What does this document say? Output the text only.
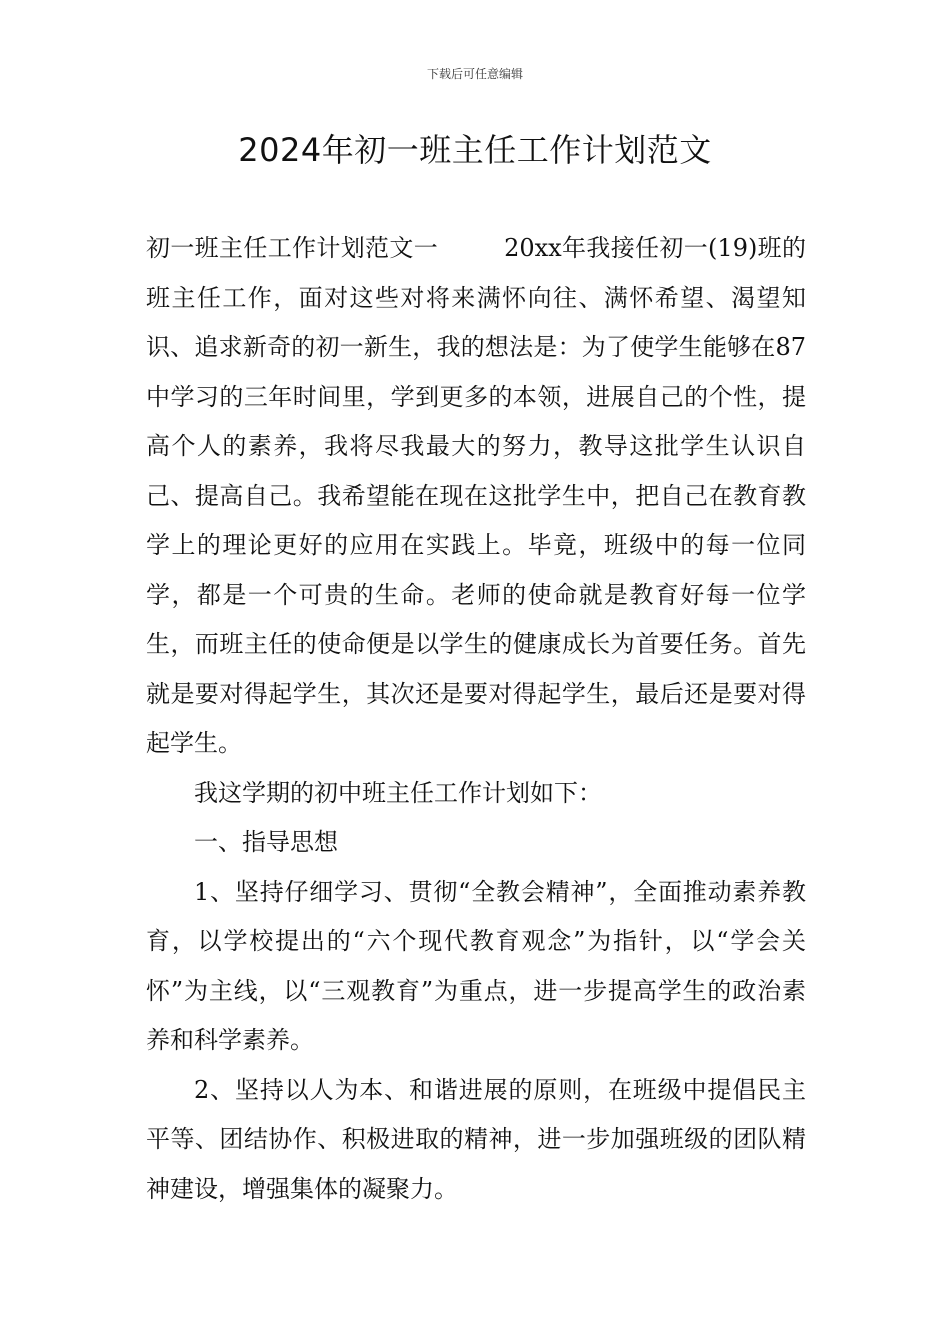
下载后可任意编辑
2024年初一班主任工作计划范文

初一班主任工作计划范文一	20xx年我接任初一(19)班的班主任工作，面对这些对将来满怀向往、满怀希望、渴望知识、追求新奇的初一新生，我的想法是：为了使学生能够在87中学习的三年时间里，学到更多的本领，进展自己的个性，提高个人的素养，我将尽我最大的努力，教导这批学生认识自己、提高自己。我希望能在现在这批学生中，把自己在教育教学上的理论更好的应用在实践上。毕竟，班级中的每一位同学，都是一个可贵的生命。老师的使命就是教育好每一位学生，而班主任的使命便是以学生的健康成长为首要任务。首先就是要对得起学生，其次还是要对得起学生，最后还是要对得起学生。

我这学期的初中班主任工作计划如下：

一、指导思想

1、坚持仔细学习、贯彻“全教会精神”，全面推动素养教育，以学校提出的“六个现代教育观念”为指针，以“学会关怀”为主线，以“三观教育”为重点，进一步提高学生的政治素养和科学素养。

2、坚持以人为本、和谐进展的原则，在班级中提倡民主平等、团结协作、积极进取的精神，进一步加强班级的团队精神建设，增强集体的凝聚力。
